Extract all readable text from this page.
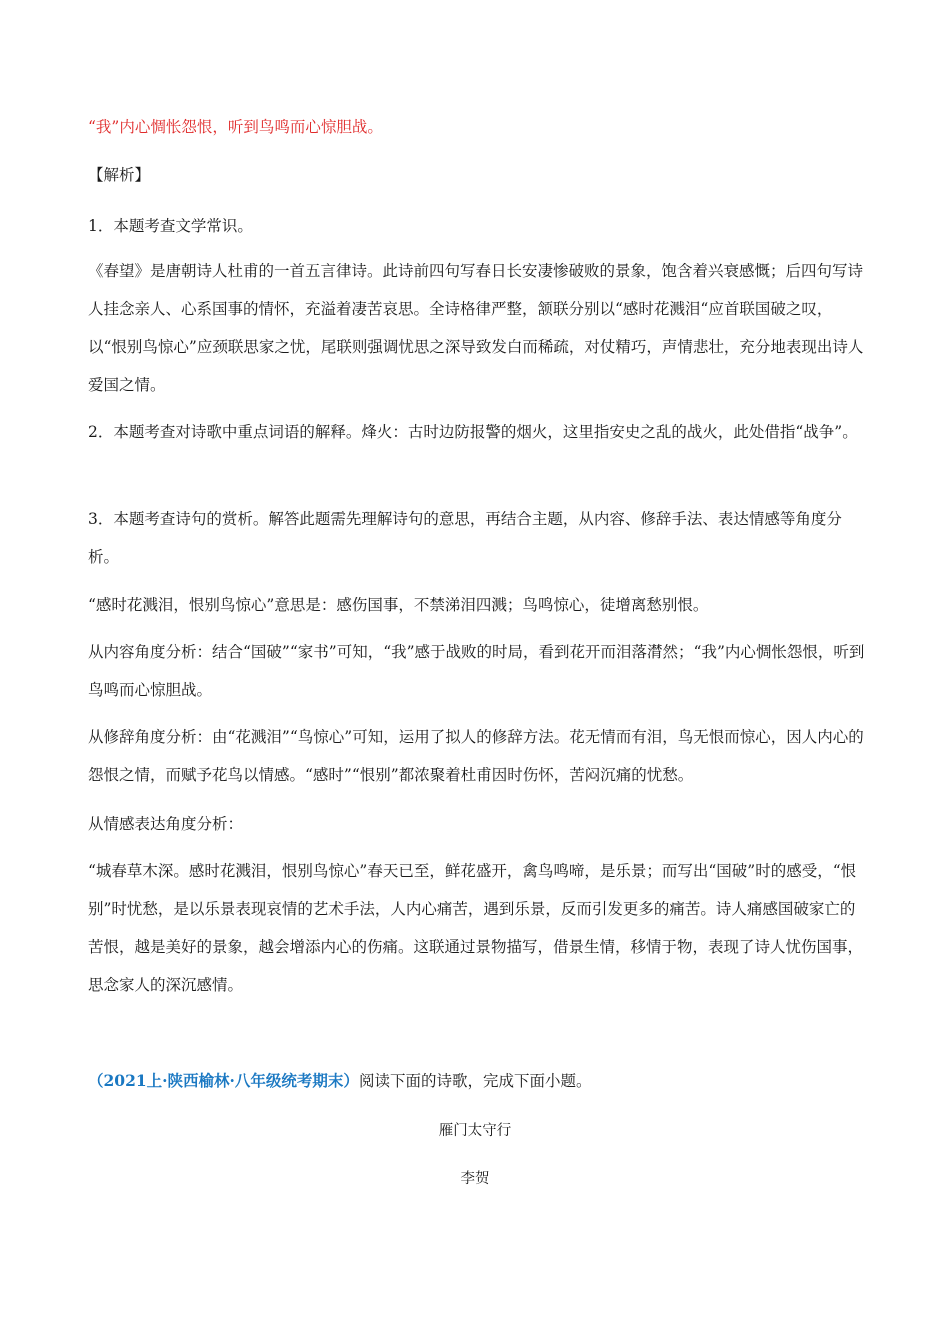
“我”内心惆怅怨恨，听到鸟鸣而心惊胆战。

【解析】

1．本题考查文学常识。

《春望》是唐朝诗人杜甫的一首五言律诗。此诗前四句写春日长安凄惨破败的景象，饱含着兴衰感慨；后四句写诗人挂念亲人、心系国事的情怀，充溢着凄苦哀思。全诗格律严整，颔联分别以“感时花溅泪“应首联国破之叹，以“恨别鸟惊心”应颈联思家之忧，尾联则强调忧思之深导致发白而稀疏，对仗精巧，声情悲壮，充分地表现出诗人爱国之情。

2．本题考查对诗歌中重点词语的解释。烽火：古时边防报警的烟火，这里指安史之乱的战火，此处借指“战争”。

3．本题考查诗句的赏析。解答此题需先理解诗句的意思，再结合主题，从内容、修辞手法、表达情感等角度分析。

“感时花溅泪，恨别鸟惊心”意思是：感伤国事，不禁涕泪四溅；鸟鸣惊心，徒增离愁别恨。

从内容角度分析：结合“国破”“家书”可知，“我”感于战败的时局，看到花开而泪落潸然；“我”内心惆怅怨恨，听到鸟鸣而心惊胆战。

从修辞角度分析：由“花溅泪”“鸟惊心”可知，运用了拟人的修辞方法。花无情而有泪，鸟无恨而惊心，因人内心的怨恨之情，而赋予花鸟以情感。“感时”“恨别”都浓聚着杜甫因时伤怀，苦闷沉痛的忧愁。

从情感表达角度分析：

“城春草木深。感时花溅泪，恨别鸟惊心”春天已至，鲜花盛开，禽鸟鸣啼，是乐景；而写出“国破”时的感受，“恨别”时忧愁，是以乐景表现哀情的艺术手法，人内心痛苦，遇到乐景，反而引发更多的痛苦。诗人痛感国破家亡的苦恨，越是美好的景象，越会增添内心的伤痛。这联通过景物描写，借景生情，移情于物，表现了诗人忧伤国事，思念家人的深沉感情。

（2021上·陕西榆林·八年级统考期末）阅读下面的诗歌，完成下面小题。

雁门太守行

李贺
